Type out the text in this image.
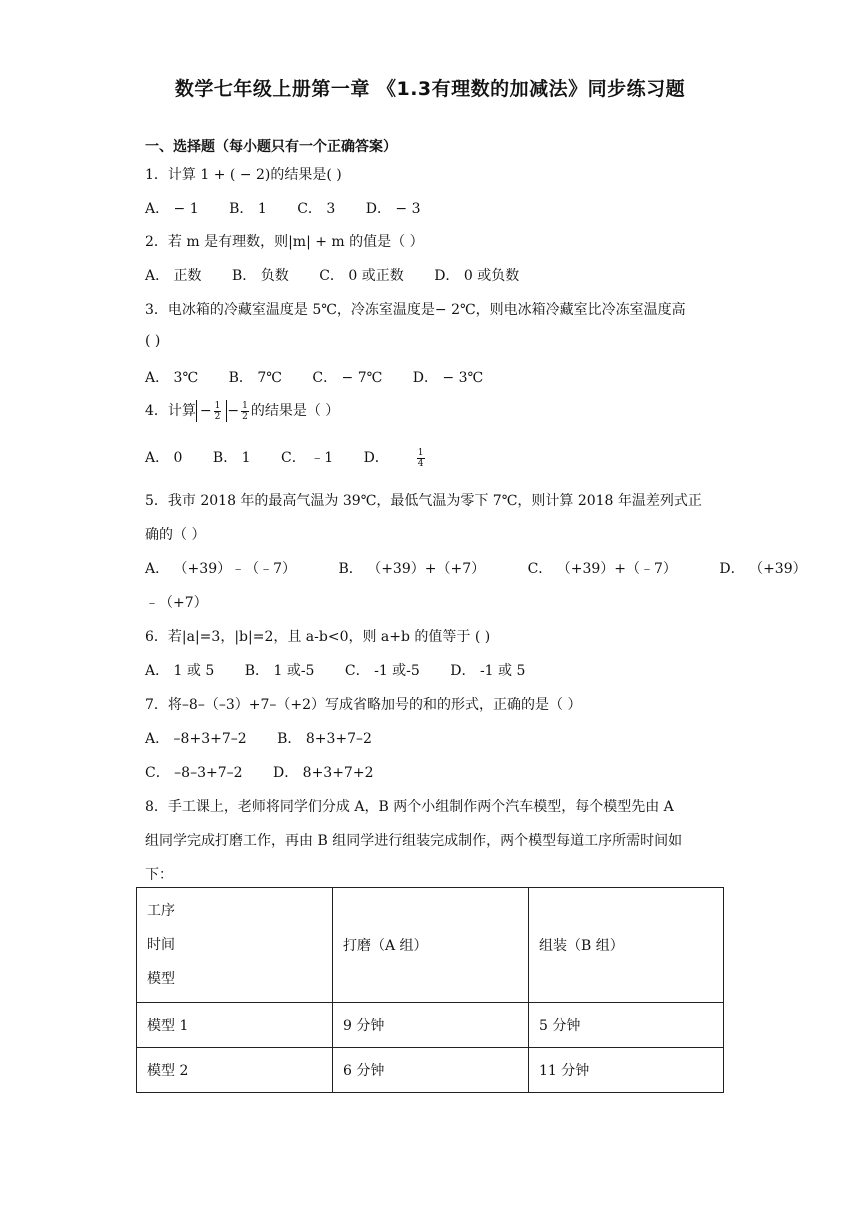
数学七年级上册第一章 《1.3有理数的加减法》同步练习题
一、选择题（每小题只有一个正确答案）
1．计算 1 + ( − 2)的结果是( )
A． − 1 B． 1 C． 3 D． − 3
2．若 m 是有理数，则|m| + m 的值是（ ）
A． 正数 B． 负数 C． 0 或正数 D． 0 或负数
3．电冰箱的冷藏室温度是 5℃，冷冻室温度是− 2℃，则电冰箱冷藏室比冷冻室温度高
( )
A． 3℃ B． 7℃ C． − 7℃ D． − 3℃
4．计算 − $\frac{1}{2} - \frac{1}{2}$ 的结果是（ ）
A． 0 B． 1 C． ﹣1 D．	$\frac{1}{4}$
5．我市 2018 年的最高气温为 39℃，最低气温为零下 7℃，则计算 2018 年温差列式正
确的（ ）
A． （+39）﹣（﹣7）	B． （+39）+（+7）	C． （+39）+（﹣7）	D． （+39）
﹣（+7）
6．若|a|=3，|b|=2，且 a-b<0，则 a+b 的值等于 ( )
A． 1 或 5 B． 1 或-5 C． -1 或-5 D． -1 或 5
7．将–8–（–3）+7–（+2）写成省略加号的和的形式，正确的是（ ）
A． –8+3+7–2 B． 8+3+7–2
C． –8–3+7–2 D． 8+3+7+2
8．手工课上，老师将同学们分成 A，B 两个小组制作两个汽车模型，每个模型先由 A
组同学完成打磨工作，再由 B 组同学进行组装完成制作，两个模型每道工序所需时间如
下：
工序
时间
模型	打磨（A 组）	组装（B 组）
模型 1	9 分钟	5 分钟
模型 2	6 分钟	11 分钟
